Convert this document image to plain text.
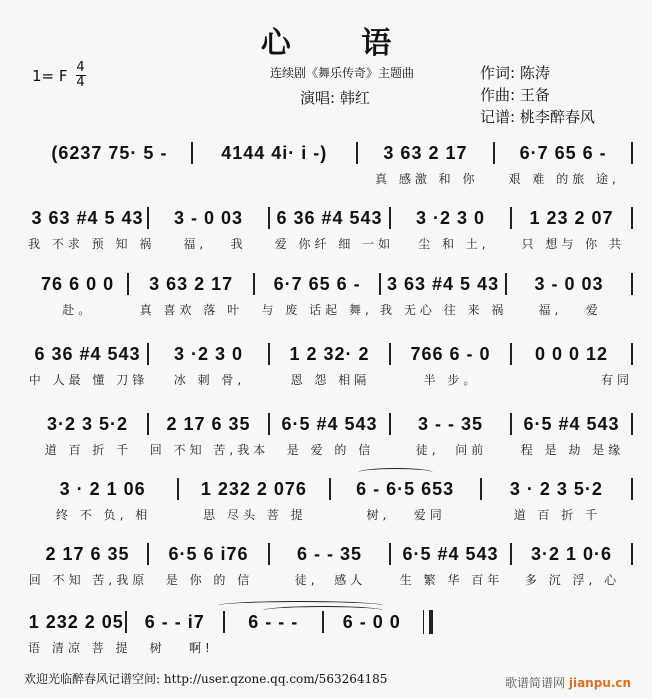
心 语
1= F 4
4
连续剧《舞乐传奇》主题曲
演唱: 韩红
作词: 陈涛
作曲: 王备
记谱: 桃李醉春风
(6237 75· 5 -	4144 4i· i -)	3 63 2 17	6·7 65 6 -
真 感激 和 你	艰 难 的旅 途,
3 63 #4 5 43	3 - 0 03	6 36 #4 543	3 ·2 3 0	1 23 2 07
我 不求 预 知 祸	福,   我	爱 你纤 细 一如	尘 和 土,	只 想与 你 共
76 6 0 0	3 63 2 17	6·7 65 6 -	3 63 #4 5 43	3 - 0 03
赴。	真 喜欢 落 叶	与 废 话起 舞, 我 无心 往 来 祸	福,   爱
6 36 #4 543	3 ·2 3 0	1 2 32· 2	766 6 - 0	0 0 0 12
中 人最 懂 刀锋	冰 刺 骨,	恩 怨 相隔	半 步。	有同
3·2 3 5·2	2 17 6 35	6·5 #4 543	3 - - 35	6·5 #4 543
道 百 折 千	回 不知 苦,我本	是 爱 的 信	徒,  问前	程 是 劫 是缘
3 · 2 1 06	1 232 2 076	6 - 6·5 653	3 · 2 3 5·2
终 不 负, 相	思 尽头 菩 提	树,   爱同	道 百 折 千
2 17 6 35	6·5 6 i76	6 - - 35	6·5 #4 543	3·2 1 0·6
回 不知 苦,我原	是 你 的 信	徒,  感人	生 繁 华 百年	多 沉 浮, 心
1 232 2 05	6 - - i7	6 - - -	6 - 0 0
语 清凉 菩 提	树   啊!
欢迎光临醉春风记谱空间: http://user.qzone.qq.com/563264185	歌谱简谱网 jianpu.cn
